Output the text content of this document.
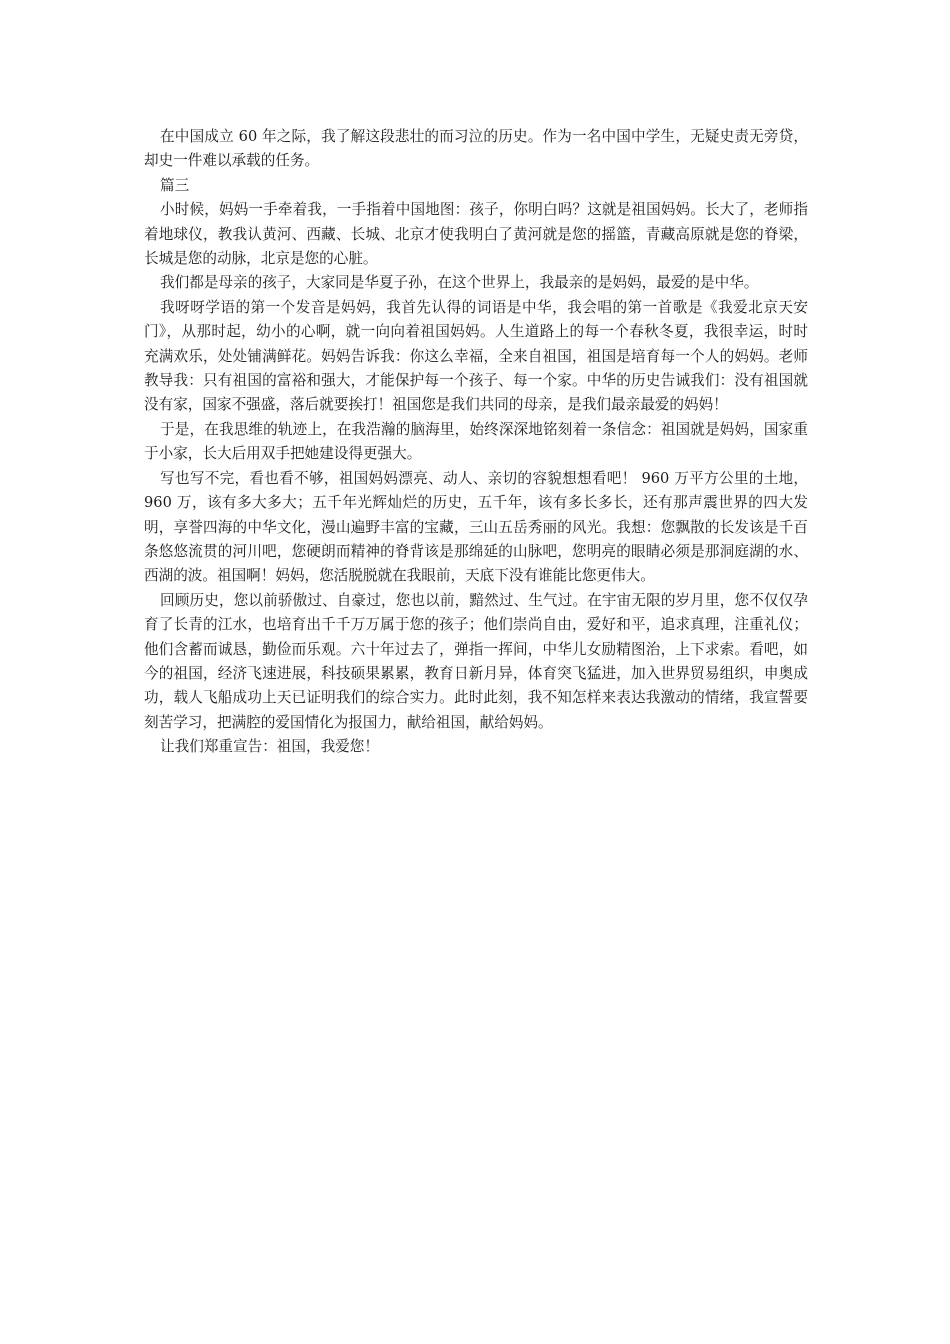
在中国成立 60 年之际，我了解这段悲壮的而习泣的历史。作为一名中国中学生，无疑史责无旁贷，却史一件难以承载的任务。

篇三

小时候，妈妈一手牵着我，一手指着中国地图：孩子，你明白吗？这就是祖国妈妈。长大了，老师指着地球仪，教我认黄河、西藏、长城、北京才使我明白了黄河就是您的摇篮，青藏高原就是您的脊梁，长城是您的动脉，北京是您的心脏。

我们都是母亲的孩子，大家同是华夏子孙，在这个世界上，我最亲的是妈妈，最爱的是中华。

我呀呀学语的第一个发音是妈妈，我首先认得的词语是中华，我会唱的第一首歌是《我爱北京天安门》，从那时起，幼小的心啊，就一向向着祖国妈妈。人生道路上的每一个春秋冬夏，我很幸运，时时充满欢乐，处处铺满鲜花。妈妈告诉我：你这么幸福，全来自祖国，祖国是培育每一个人的妈妈。老师教导我：只有祖国的富裕和强大，才能保护每一个孩子、每一个家。中华的历史告诫我们：没有祖国就没有家，国家不强盛，落后就要挨打！祖国您是我们共同的母亲，是我们最亲最爱的妈妈！

于是，在我思维的轨迹上，在我浩瀚的脑海里，始终深深地铭刻着一条信念：祖国就是妈妈，国家重于小家，长大后用双手把她建设得更强大。

写也写不完，看也看不够，祖国妈妈漂亮、动人、亲切的容貌想想看吧！ 960 万平方公里的土地， 960 万，该有多大多大；五千年光辉灿烂的历史，五千年，该有多长多长，还有那声震世界的四大发明，享誉四海的中华文化，漫山遍野丰富的宝藏，三山五岳秀丽的风光。我想：您飘散的长发该是千百条悠悠流贯的河川吧，您硬朗而精神的脊背该是那绵延的山脉吧，您明亮的眼睛必须是那洞庭湖的水、西湖的波。祖国啊！妈妈，您活脱脱就在我眼前，天底下没有谁能比您更伟大。

回顾历史，您以前骄傲过、自豪过，您也以前，黯然过、生气过。在宇宙无限的岁月里，您不仅仅孕育了长青的江水，也培育出千千万万属于您的孩子；他们崇尚自由，爱好和平，追求真理，注重礼仪；他们含蓄而诚恳，勤俭而乐观。六十年过去了，弹指一挥间，中华儿女励精图治，上下求索。看吧，如今的祖国，经济飞速进展，科技硕果累累，教育日新月异，体育突飞猛进，加入世界贸易组织，申奥成功，载人飞船成功上天已证明我们的综合实力。此时此刻，我不知怎样来表达我激动的情绪，我宣誓要刻苦学习，把满腔的爱国情化为报国力，献给祖国，献给妈妈。

让我们郑重宣告：祖国，我爱您！
